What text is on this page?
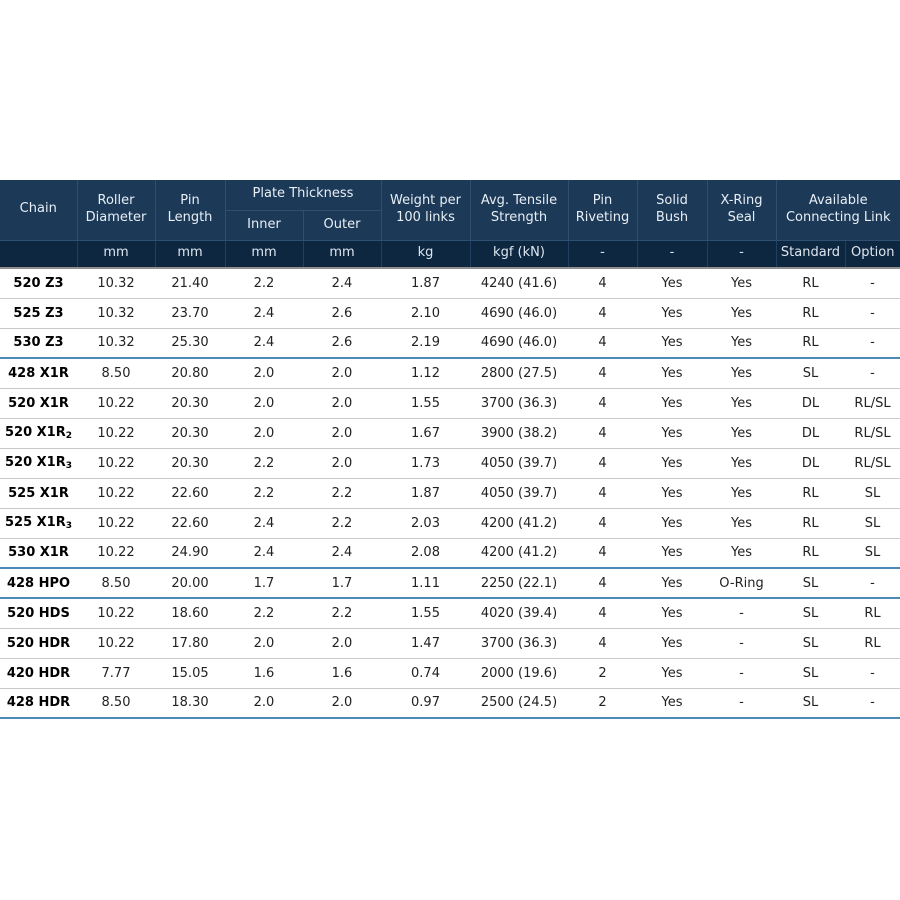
Chain	Roller Diameter	Pin Length	Plate Thickness		Weight per 100 links	Avg. Tensile Strength	Pin Riveting	Solid Bush	X-Ring Seal	Available Connecting Link	
			Inner	Outer							
	mm	mm	mm	mm	kg	kgf (kN)	-	-	-	Standard	Option
520 Z3	10.32	21.40	2.2	2.4	1.87	4240 (41.6)	4	Yes	Yes	RL	-
525 Z3	10.32	23.70	2.4	2.6	2.10	4690 (46.0)	4	Yes	Yes	RL	-
530 Z3	10.32	25.30	2.4	2.6	2.19	4690 (46.0)	4	Yes	Yes	RL	-
428 X1R	8.50	20.80	2.0	2.0	1.12	2800 (27.5)	4	Yes	Yes	SL	-
520 X1R	10.22	20.30	2.0	2.0	1.55	3700 (36.3)	4	Yes	Yes	DL	RL/SL
520 $X1R_2$	10.22	20.30	2.0	2.0	1.67	3900 (38.2)	4	Yes	Yes	DL	RL/SL
520 $X1R_3$	10.22	20.30	2.2	2.0	1.73	4050 (39.7)	4	Yes	Yes	DL	RL/SL
525 X1R	10.22	22.60	2.2	2.2	1.87	4050 (39.7)	4	Yes	Yes	RL	SL
525 $X1R_3$	10.22	22.60	2.4	2.2	2.03	4200 (41.2)	4	Yes	Yes	RL	SL
530 X1R	10.22	24.90	2.4	2.4	2.08	4200 (41.2)	4	Yes	Yes	RL	SL
428 HPO	8.50	20.00	1.7	1.7	1.11	2250 (22.1)	4	Yes	O-Ring	SL	-
520 HDS	10.22	18.60	2.2	2.2	1.55	4020 (39.4)	4	Yes	-	SL	RL
520 HDR	10.22	17.80	2.0	2.0	1.47	3700 (36.3)	4	Yes	-	SL	RL
420 HDR	7.77	15.05	1.6	1.6	0.74	2000 (19.6)	2	Yes	-	SL	-
428 HDR	8.50	18.30	2.0	2.0	0.97	2500 (24.5)	2	Yes	-	SL	-
